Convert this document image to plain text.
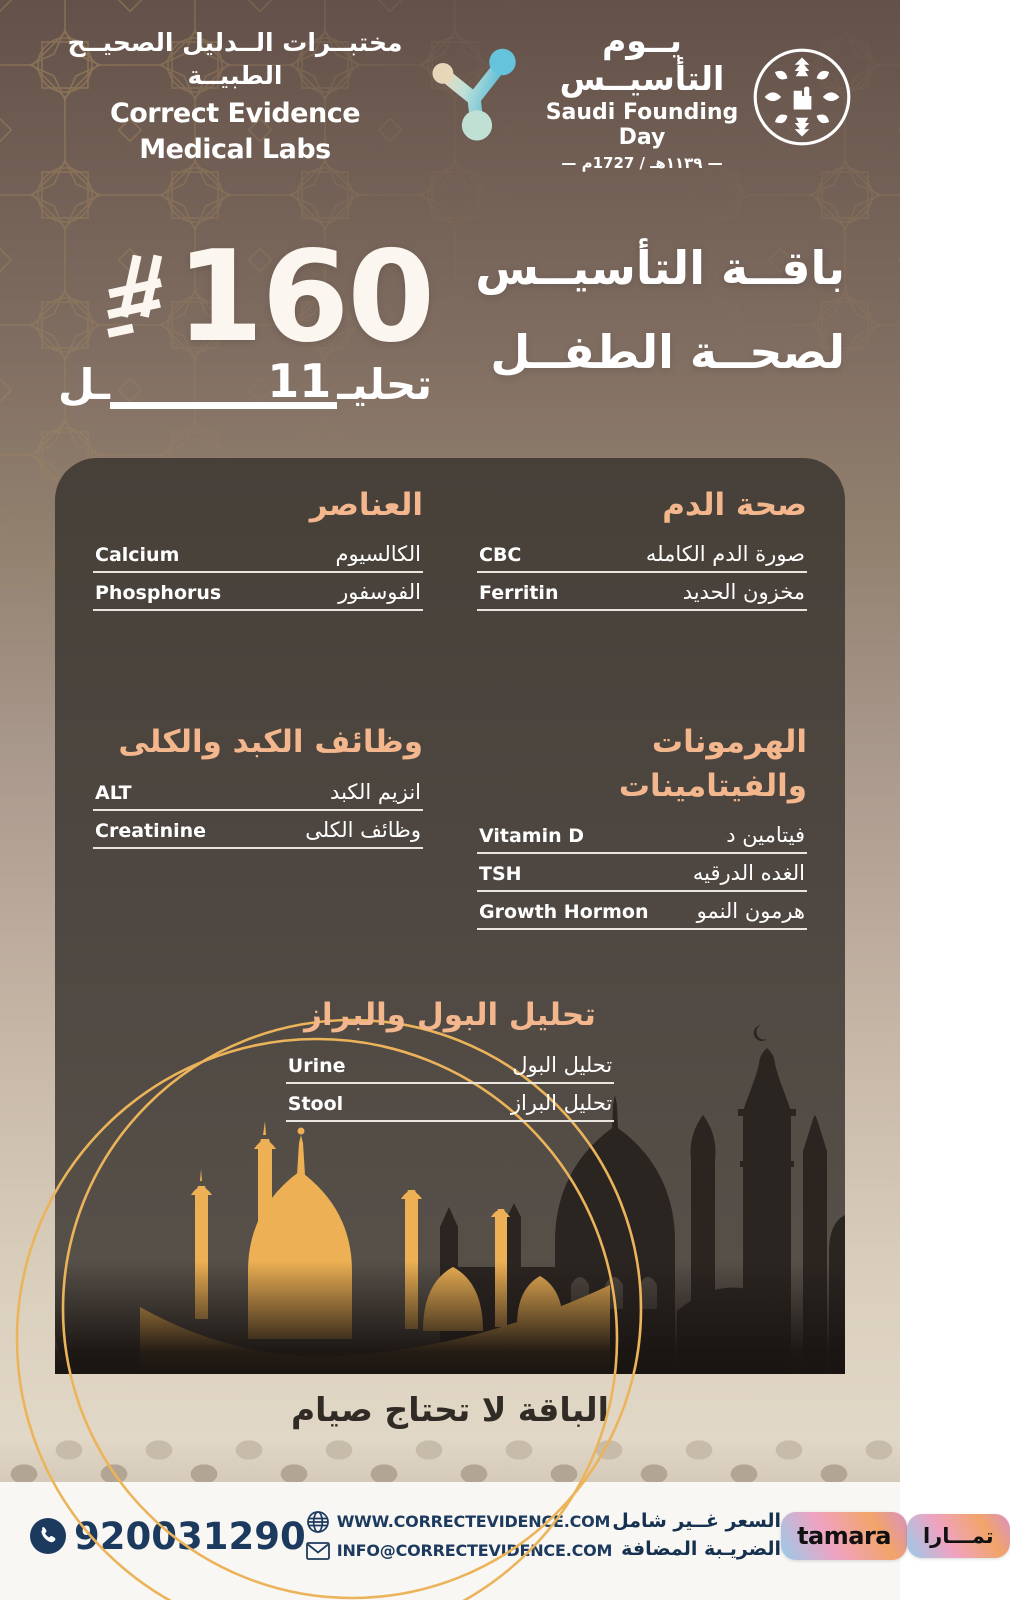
مختبــرات الــدليل الصحيــح الطبيــة
Correct Evidence Medical Labs
يــوم التأسيــس
Saudi Founding Day
— ١١٣٩هـ / 1727م —
باقــة التأسيــس
لصحــة الطفــل
160
تحليـ
11
ـل
صحة الدم
صورة الدم الكامله
CBC
مخزون الحديد
Ferritin
العناصر
الكالسيوم
Calcium
الفوسفور
Phosphorus
الهرمونات والفيتامينات
فيتامين د
Vitamin D
الغده الدرقيه
TSH
هرمون النمو
Growth Hormon
وظائف الكبد والكلى
انزيم الكبد
ALT
وظائف الكلى
Creatinine
تحليل البول والبراز
تحليل البول
Urine
تحليل البراز
Stool
الباقة لا تحتاج صيام
920031290 WWW.CORRECTEVIDENCE.COM
INFO@CORRECTEVIDENCE.COM
السعر غــير شامل
الضريـبة المضافة tamara	تمـــارا
